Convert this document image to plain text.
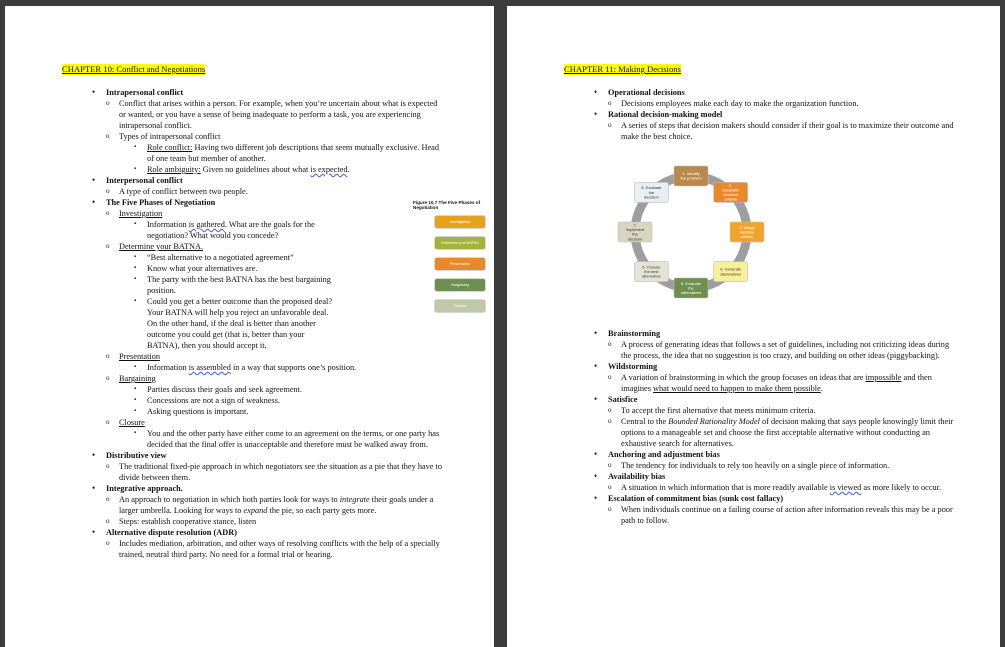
CHAPTER 10: Conflict and Negotiations
• Intrapersonal conflict
o Conflict that arises within a person. For example, when you’re uncertain about what is expected or wanted, or you have a sense of being inadequate to perform a task, you are experiencing intrapersonal conflict.
o Types of intrapersonal conflict
▪ Role conflict: Having two different job descriptions that seem mutually exclusive. Head of one team but member of another.
▪ Role ambiguity: Given no guidelines about what is expected.
• Interpersonal conflict
o A type of conflict between two people.
• The Five Phases of Negotiation
o Investigation
▪ Information is gathered. What are the goals for the negotiation? What would you concede?
o Determine your BATNA.
▪ “Best alternative to a negotiated agreement”
▪ Know what your alternatives are.
▪ The party with the best BATNA has the best bargaining position.
▪ Could you get a better outcome than the proposed deal? Your BATNA will help you reject an unfavorable deal. On the other hand, if the deal is better than another outcome you could get (that is, better than your BATNA), then you should accept it.
o Presentation
▪ Information is assembled in a way that supports one’s position.
o Bargaining
▪ Parties discuss their goals and seek agreement.
▪ Concessions are not a sign of weakness.
▪ Asking questions is important.
o Closure
▪ You and the other party have either come to an agreement on the terms, or one party has decided that the final offer is unacceptable and therefore must be walked away from.
• Distributive view
o The traditional fixed-pie approach in which negotiators see the situation as a pie that they have to divide between them.
• Integrative approach.
o An approach to negotiation in which both parties look for ways to integrate their goals under a larger umbrella. Looking for ways to expand the pie, so each party gets more.
o Steps: establish cooperative stance, listen
• Alternative dispute resolution (ADR)
o Includes mediation, arbitration, and other ways of resolving conflicts with the help of a specially trained, neutral third party. No need for a formal trial or hearing.
Figure 10.7 The Five Phases of Negotiation
Investigation
Determine your BATNA
Presentation
Bargaining
Closure
CHAPTER 11: Making Decisions
• Operational decisions
o Decisions employees make each day to make the organization function.
• Rational decision-making model
o A series of steps that decision makers should consider if their goal is to maximize their outcome and make the best choice.
• Brainstorming
o A process of generating ideas that follows a set of guidelines, including not criticizing ideas during the process, the idea that no suggestion is too crazy, and building on other ideas (piggybacking).
• Wildstorming
o A variation of brainstorming in which the group focuses on ideas that are impossible and then imagines what would need to happen to make them possible.
• Satisfice
o To accept the first alternative that meets minimum criteria.
o Central to the Bounded Rationality Model of decision making that says people knowingly limit their options to a manageable set and choose the first acceptable alternative without conducting an exhaustive search for alternatives.
• Anchoring and adjustment bias
o The tendency for individuals to rely too heavily on a single piece of information.
• Availability bias
o A situation in which information that is more readily available is viewed as more likely to occur.
• Escalation of commitment bias (sunk cost fallacy)
o When individuals continue on a failing course of action after information reveals this may be a poor path to follow.
1. Identify the problem
2. Establish decision criteria
3. Weigh decision criteria
4. Generate alternatives
5. Evaluate the alternatives
6. Choose the best alternative
7. Implement the decision
8. Evaluate the decision
